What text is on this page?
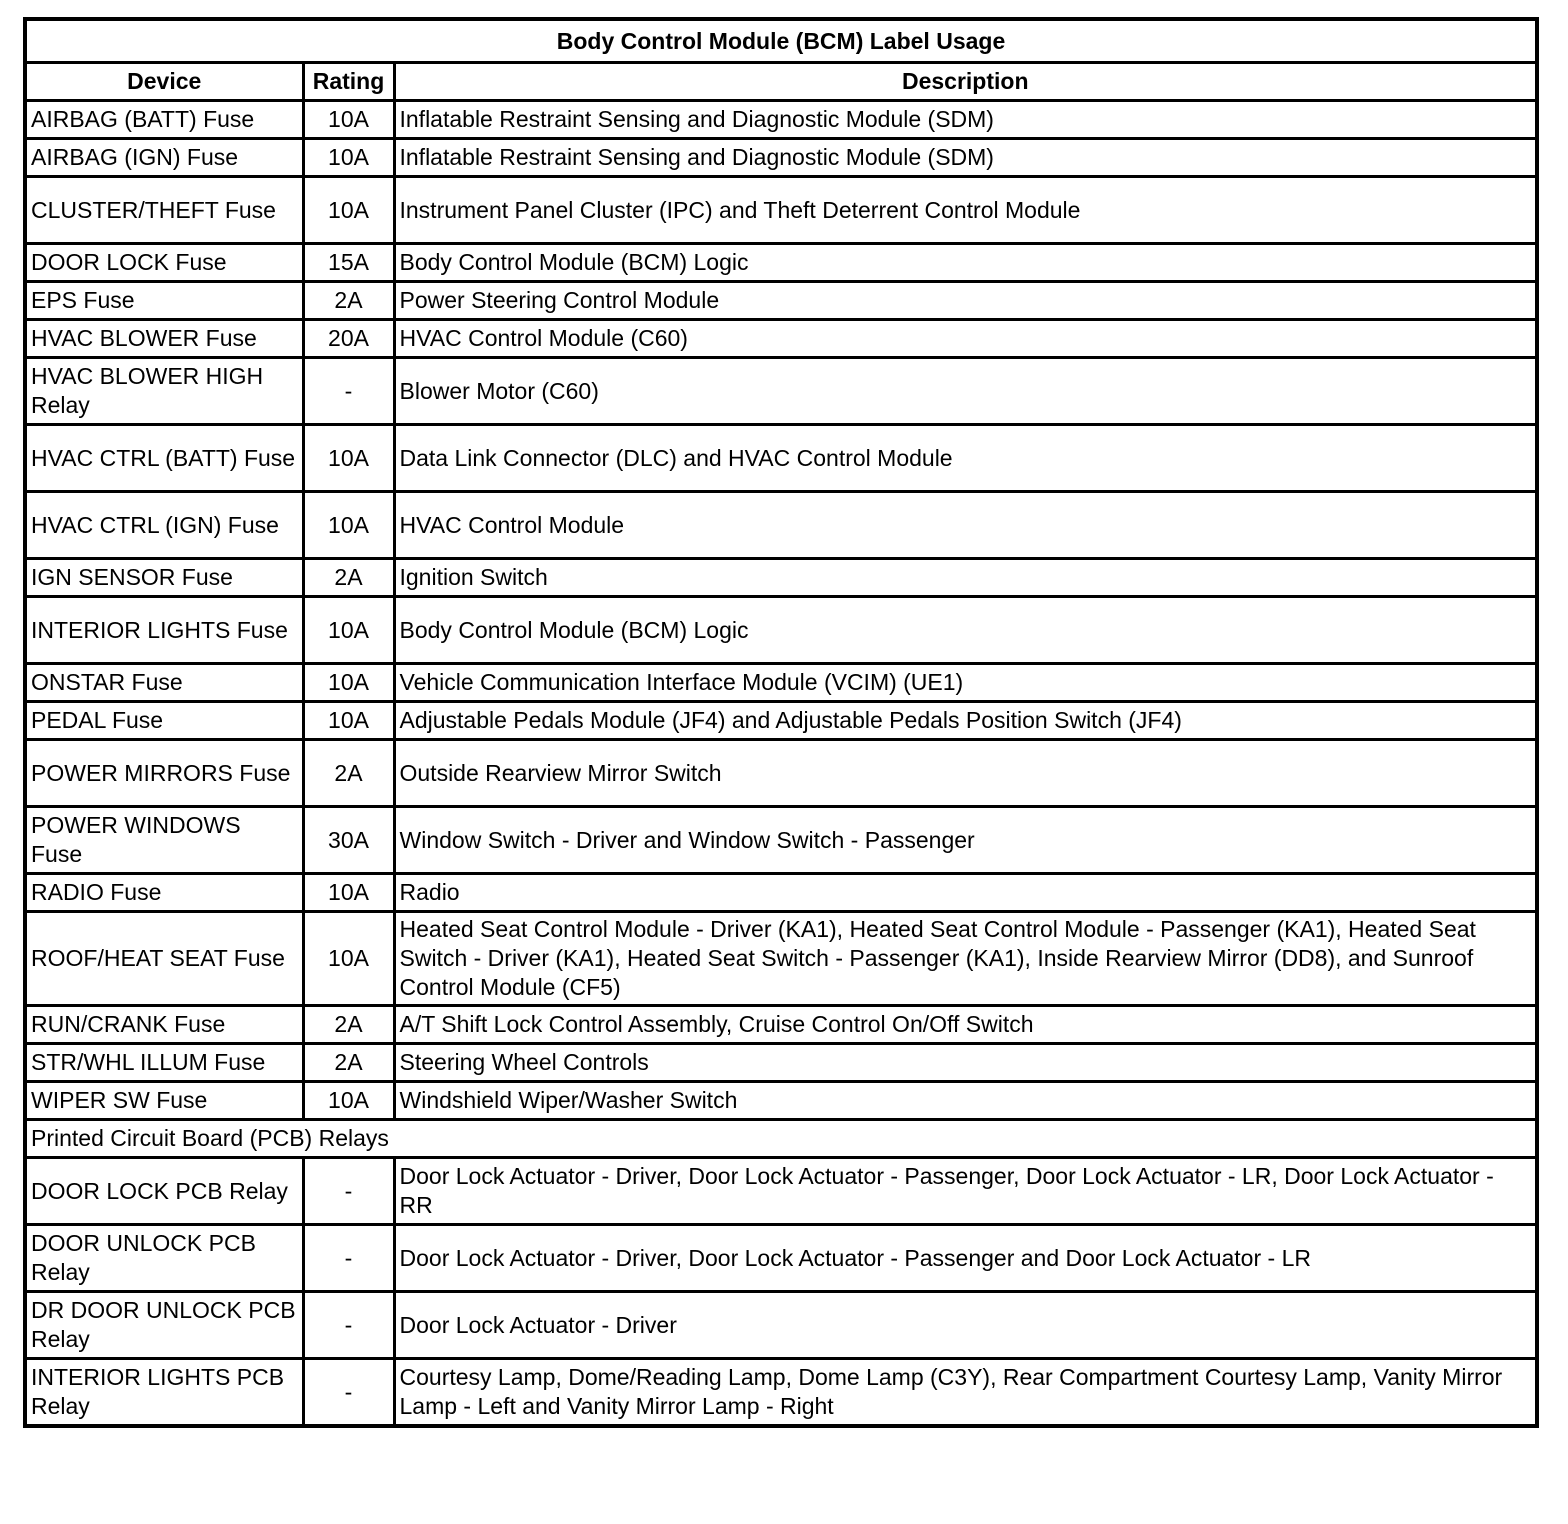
Body Control Module (BCM) Label Usage		
Device	Rating	Description
AIRBAG (BATT) Fuse	10A	Inflatable Restraint Sensing and Diagnostic Module (SDM)
AIRBAG (IGN) Fuse	10A	Inflatable Restraint Sensing and Diagnostic Module (SDM)
CLUSTER/THEFT Fuse	10A	Instrument Panel Cluster (IPC) and Theft Deterrent Control Module
DOOR LOCK Fuse	15A	Body Control Module (BCM) Logic
EPS Fuse	2A	Power Steering Control Module
HVAC BLOWER Fuse	20A	HVAC Control Module (C60)
HVAC BLOWER HIGH Relay	-	Blower Motor (C60)
HVAC CTRL (BATT) Fuse	10A	Data Link Connector (DLC) and HVAC Control Module
HVAC CTRL (IGN) Fuse	10A	HVAC Control Module
IGN SENSOR Fuse	2A	Ignition Switch
INTERIOR LIGHTS Fuse	10A	Body Control Module (BCM) Logic
ONSTAR Fuse	10A	Vehicle Communication Interface Module (VCIM) (UE1)
PEDAL Fuse	10A	Adjustable Pedals Module (JF4) and Adjustable Pedals Position Switch (JF4)
POWER MIRRORS Fuse	2A	Outside Rearview Mirror Switch
POWER WINDOWS Fuse	30A	Window Switch - Driver and Window Switch - Passenger
RADIO Fuse	10A	Radio
ROOF/HEAT SEAT Fuse	10A	Heated Seat Control Module - Driver (KA1), Heated Seat Control Module - Passenger (KA1), Heated Seat Switch - Driver (KA1), Heated Seat Switch - Passenger (KA1), Inside Rearview Mirror (DD8), and Sunroof Control Module (CF5)
RUN/CRANK Fuse	2A	A/T Shift Lock Control Assembly, Cruise Control On/Off Switch
STR/WHL ILLUM Fuse	2A	Steering Wheel Controls
WIPER SW Fuse	10A	Windshield Wiper/Washer Switch
Printed Circuit Board (PCB) Relays		
DOOR LOCK PCB Relay	-	Door Lock Actuator - Driver, Door Lock Actuator - Passenger, Door Lock Actuator - LR, Door Lock Actuator - RR
DOOR UNLOCK PCB Relay	-	Door Lock Actuator - Driver, Door Lock Actuator - Passenger and Door Lock Actuator - LR
DR DOOR UNLOCK PCB Relay	-	Door Lock Actuator - Driver
INTERIOR LIGHTS PCB Relay	-	Courtesy Lamp, Dome/Reading Lamp, Dome Lamp (C3Y), Rear Compartment Courtesy Lamp, Vanity Mirror Lamp - Left and Vanity Mirror Lamp - Right
